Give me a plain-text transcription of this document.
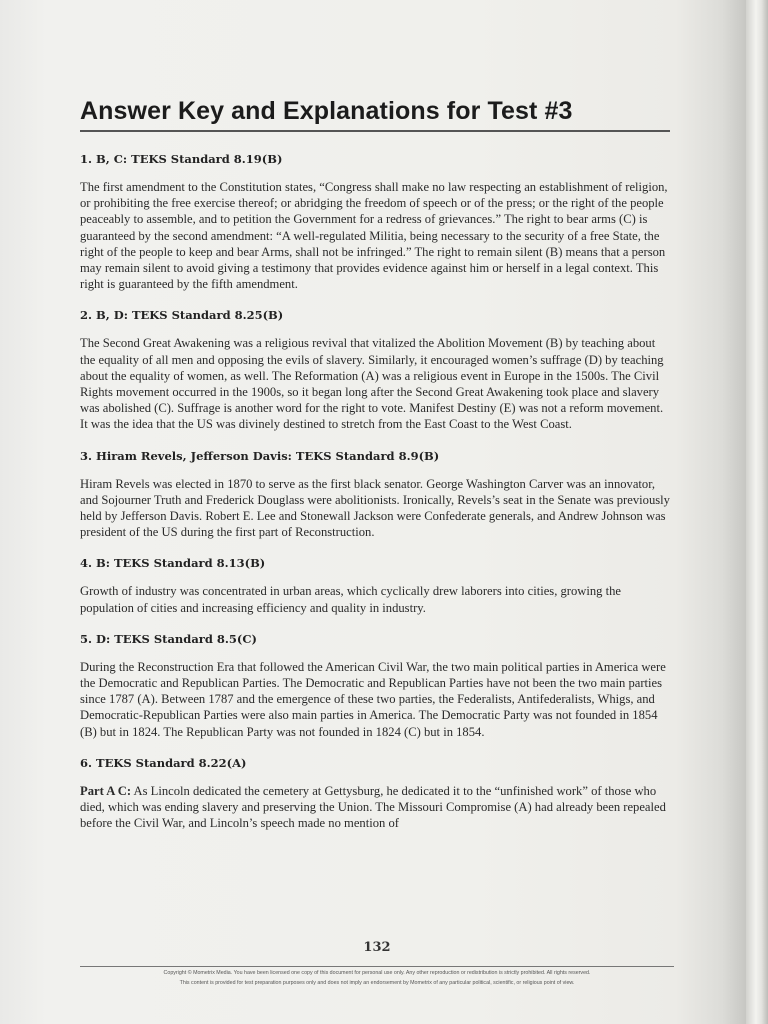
Answer Key and Explanations for Test #3

1. B, C: TEKS Standard 8.19(B)

The first amendment to the Constitution states, “Congress shall make no law respecting an establishment of religion, or prohibiting the free exercise thereof; or abridging the freedom of speech or of the press; or the right of the people peaceably to assemble, and to petition the Government for a redress of grievances.” The right to bear arms (C) is guaranteed by the second amendment: “A well-regulated Militia, being necessary to the security of a free State, the right of the people to keep and bear Arms, shall not be infringed.” The right to remain silent (B) means that a person may remain silent to avoid giving a testimony that provides evidence against him or herself in a legal context. This right is guaranteed by the fifth amendment.

2. B, D: TEKS Standard 8.25(B)

The Second Great Awakening was a religious revival that vitalized the Abolition Movement (B) by teaching about the equality of all men and opposing the evils of slavery. Similarly, it encouraged women’s suffrage (D) by teaching about the equality of women, as well. The Reformation (A) was a religious event in Europe in the 1500s. The Civil Rights movement occurred in the 1900s, so it began long after the Second Great Awakening took place and slavery was abolished (C). Suffrage is another word for the right to vote. Manifest Destiny (E) was not a reform movement. It was the idea that the US was divinely destined to stretch from the East Coast to the West Coast.

3. Hiram Revels, Jefferson Davis: TEKS Standard 8.9(B)

Hiram Revels was elected in 1870 to serve as the first black senator. George Washington Carver was an innovator, and Sojourner Truth and Frederick Douglass were abolitionists. Ironically, Revels’s seat in the Senate was previously held by Jefferson Davis. Robert E. Lee and Stonewall Jackson were Confederate generals, and Andrew Johnson was president of the US during the first part of Reconstruction.

4. B: TEKS Standard 8.13(B)

Growth of industry was concentrated in urban areas, which cyclically drew laborers into cities, growing the population of cities and increasing efficiency and quality in industry.

5. D: TEKS Standard 8.5(C)

During the Reconstruction Era that followed the American Civil War, the two main political parties in America were the Democratic and Republican Parties. The Democratic and Republican Parties have not been the two main parties since 1787 (A). Between 1787 and the emergence of these two parties, the Federalists, Antifederalists, Whigs, and Democratic-Republican Parties were also main parties in America. The Democratic Party was not founded in 1854 (B) but in 1824. The Republican Party was not founded in 1824 (C) but in 1854.

6. TEKS Standard 8.22(A)

Part A C: As Lincoln dedicated the cemetery at Gettysburg, he dedicated it to the “unfinished work” of those who died, which was ending slavery and preserving the Union. The Missouri Compromise (A) had already been repealed before the Civil War, and Lincoln’s speech made no mention of

132
Copyright © Mometrix Media. You have been licensed one copy of this document for personal use only. Any other reproduction or redistribution is strictly prohibited. All rights reserved.
This content is provided for test preparation purposes only and does not imply an endorsement by Mometrix of any particular political, scientific, or religious point of view.
